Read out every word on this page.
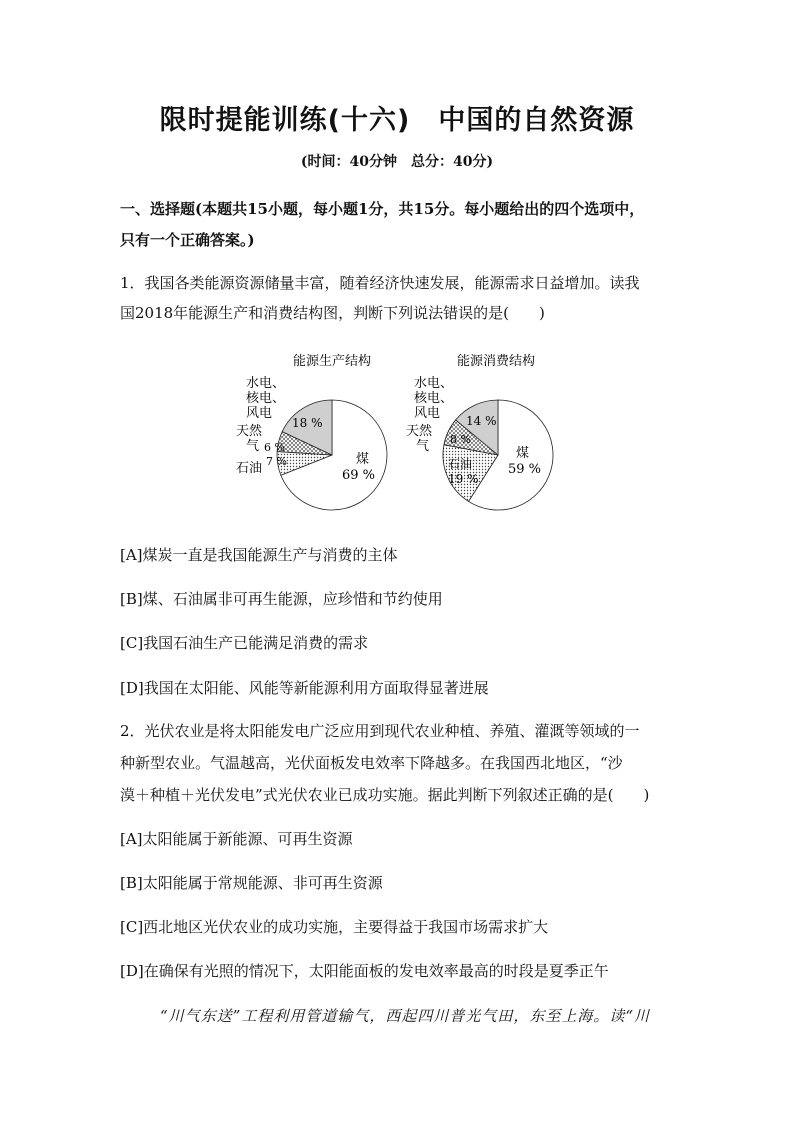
限时提能训练(十六)　中国的自然资源
(时间：40分钟　总分：40分)
一、选择题(本题共15小题，每小题1分，共15分。每小题给出的四个选项中，
只有一个正确答案。)
1．我国各类能源资源储量丰富，随着经济快速发展，能源需求日益增加。读我
国2018年能源生产和消费结构图，判断下列说法错误的是(　　)
能源生产结构
水电、
核电、
风电
天然
气
石油
煤
69 %
18 %
6 %
7 %
能源消费结构
水电、
核电、
风电
天然
气	煤
59 %
14 %
8 %
石油
19 %
[A]煤炭一直是我国能源生产与消费的主体
[B]煤、石油属非可再生能源，应珍惜和节约使用
[C]我国石油生产已能满足消费的需求
[D]我国在太阳能、风能等新能源利用方面取得显著进展
2．光伏农业是将太阳能发电广泛应用到现代农业种植、养殖、灌溉等领域的一
种新型农业。气温越高，光伏面板发电效率下降越多。在我国西北地区，“沙
漠＋种植＋光伏发电”式光伏农业已成功实施。据此判断下列叙述正确的是(　　)
[A]太阳能属于新能源、可再生资源
[B]太阳能属于常规能源、非可再生资源
[C]西北地区光伏农业的成功实施，主要得益于我国市场需求扩大
[D]在确保有光照的情况下，太阳能面板的发电效率最高的时段是夏季正午
“川气东送”工程利用管道输气，西起四川普光气田，东至上海。读“川
